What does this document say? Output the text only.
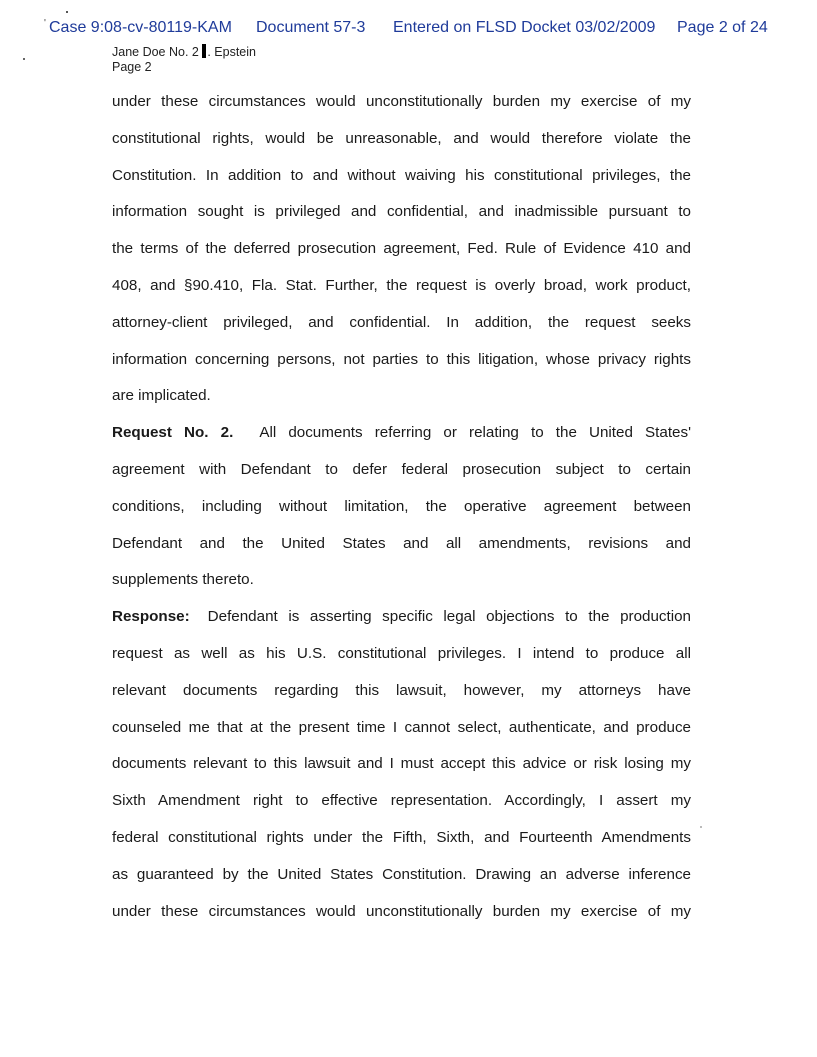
' Case 9:08-cv-80119-KAM Document 57-3 Entered on FLSD Docket 03/02/2009 Page 2 of 24
Jane Doe No. 2 . Epstein
Page 2
under these circumstances would unconstitutionally burden my exercise of my
constitutional rights, would be unreasonable, and would therefore violate the
Constitution. In addition to and without waiving his constitutional privileges, the
information sought is privileged and confidential, and inadmissible pursuant to
the terms of the deferred prosecution agreement, Fed. Rule of Evidence 410 and
408, and §90.410, Fla. Stat. Further, the request is overly broad, work product,
attorney-client privileged, and confidential. In addition, the request seeks
information concerning persons, not parties to this litigation, whose privacy rights
are implicated.
Request No. 2. All documents referring or relating to the United States'
agreement with Defendant to defer federal prosecution subject to certain
conditions, including without limitation, the operative agreement between
Defendant and the United States and all amendments, revisions and
supplements thereto.
Response: Defendant is asserting specific legal objections to the production
request as well as his U.S. constitutional privileges. I intend to produce all
relevant documents regarding this lawsuit, however, my attorneys have
counseled me that at the present time I cannot select, authenticate, and produce
documents relevant to this lawsuit and I must accept this advice or risk losing my
Sixth Amendment right to effective representation. Accordingly, I assert my
federal constitutional rights under the Fifth, Sixth, and Fourteenth Amendments
as guaranteed by the United States Constitution. Drawing an adverse inference
under these circumstances would unconstitutionally burden my exercise of my
